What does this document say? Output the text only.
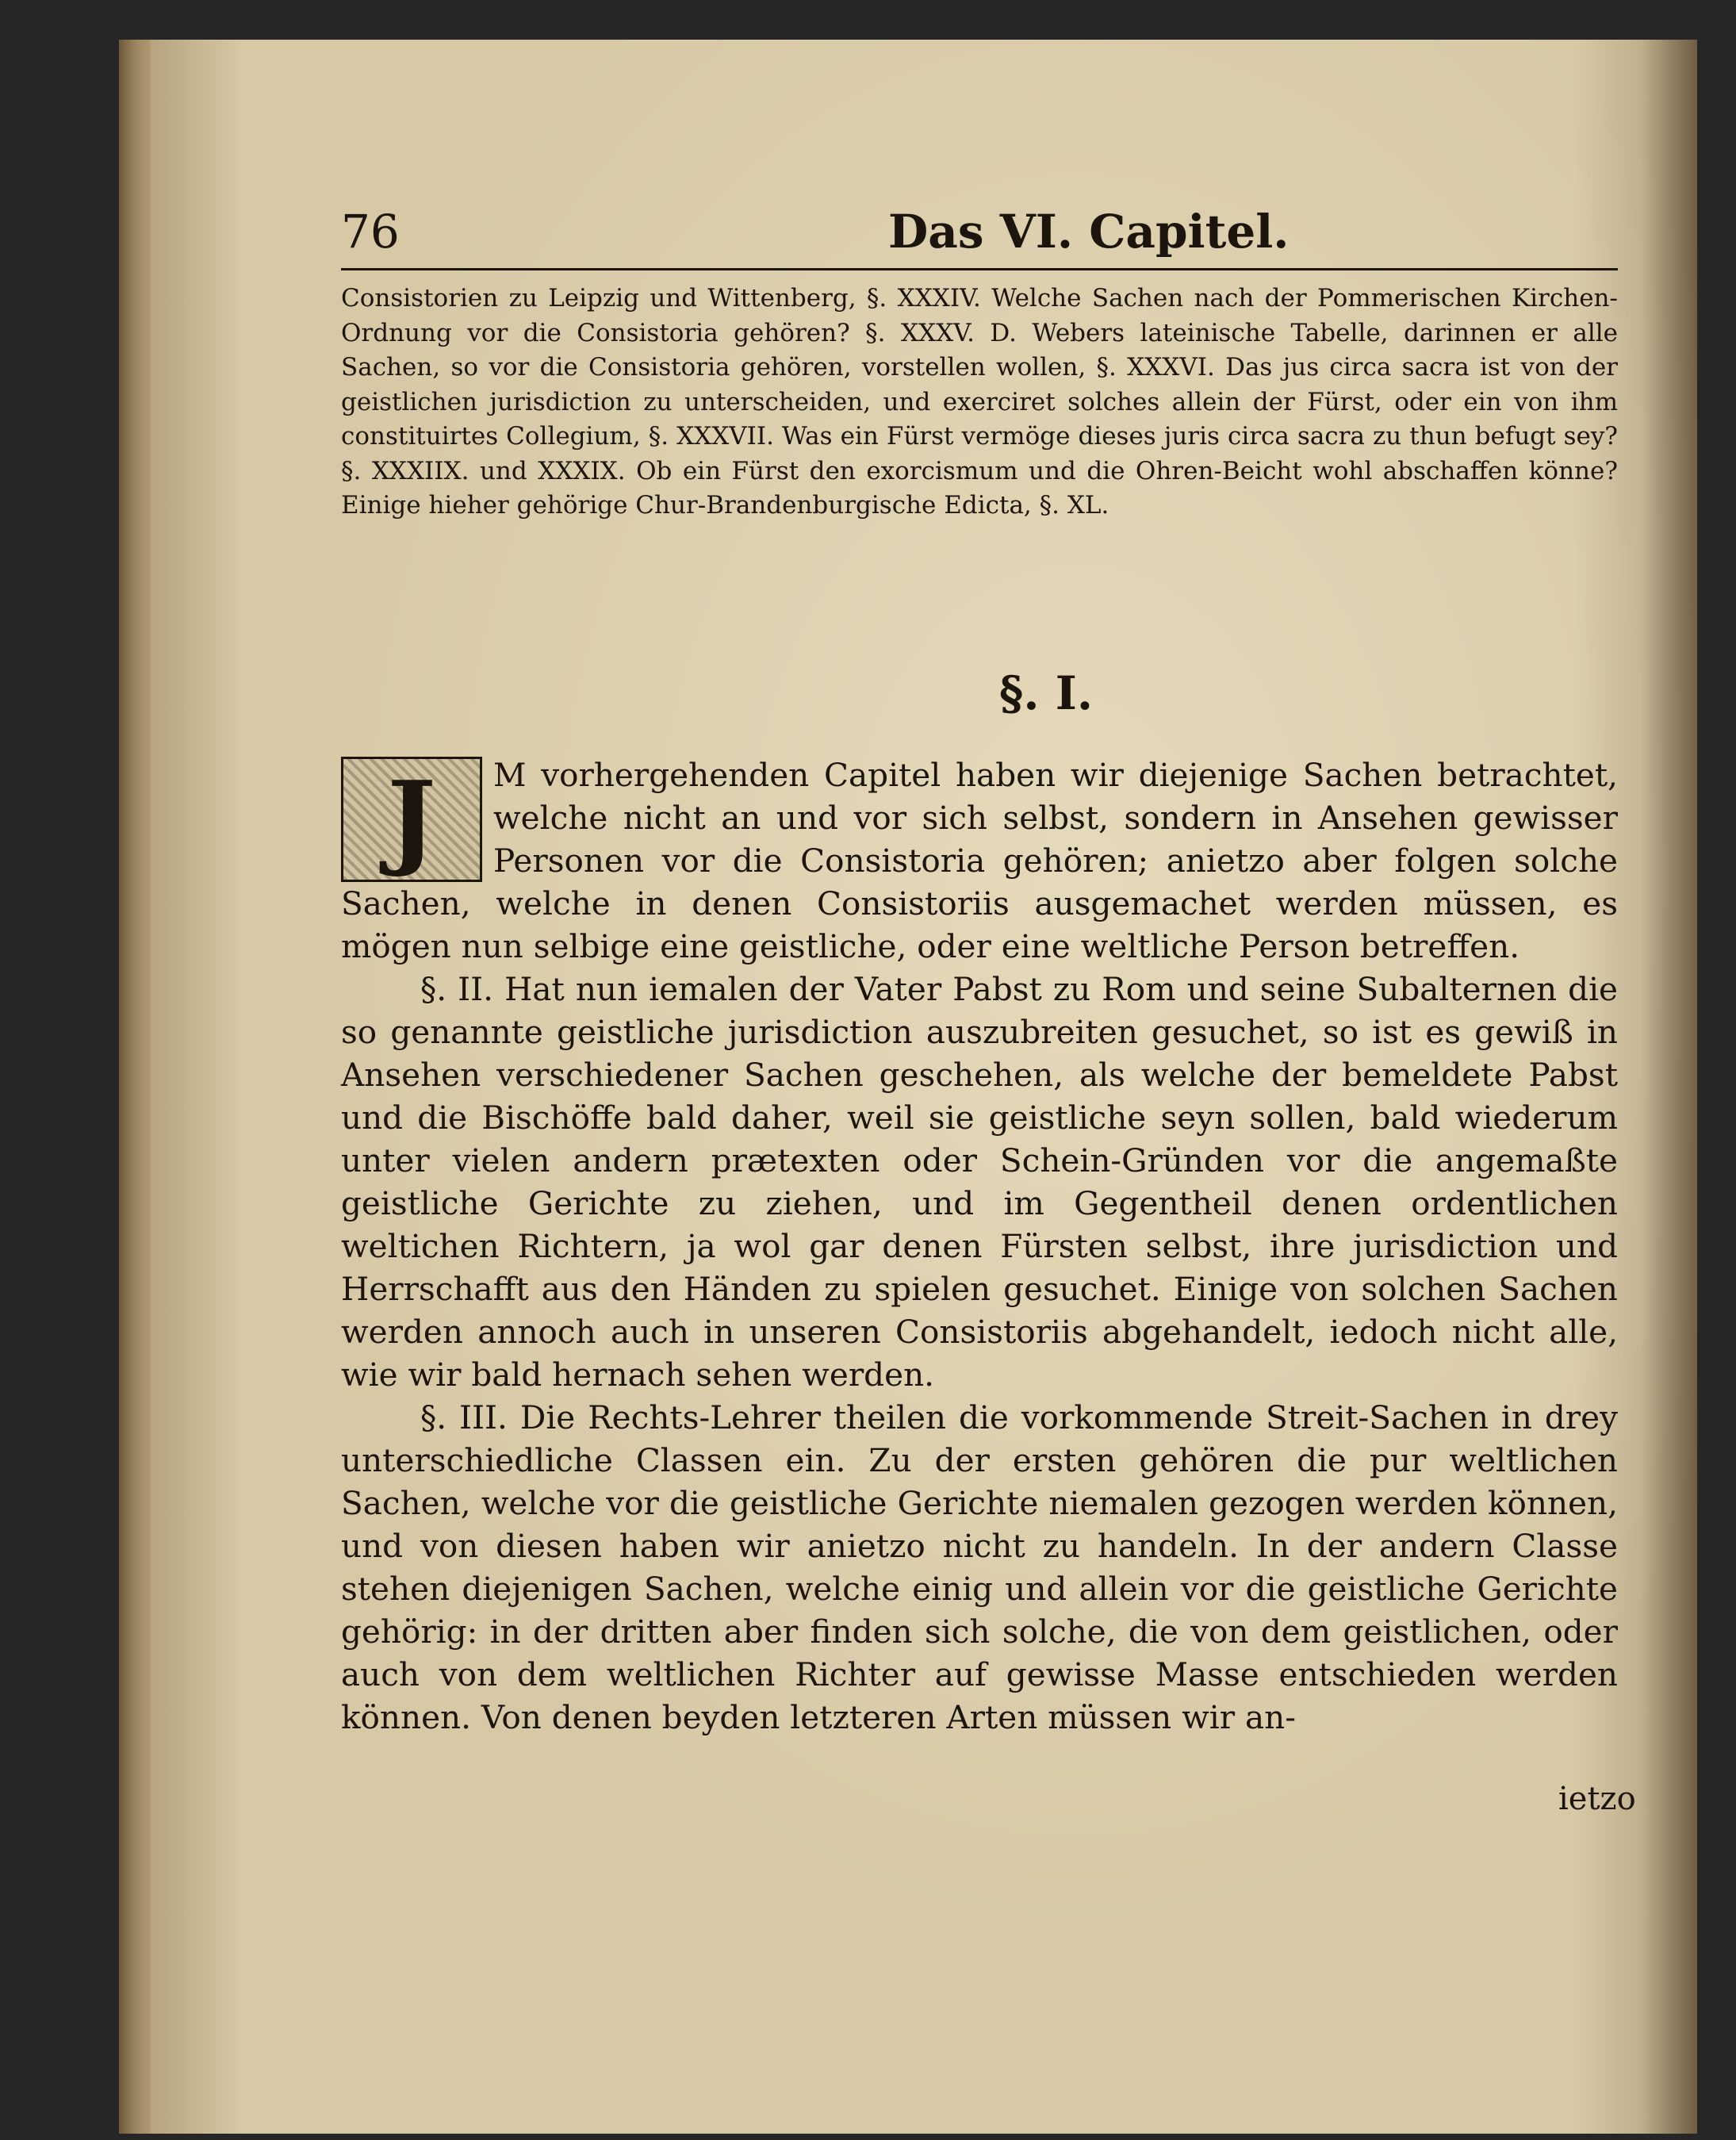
76	Das VI. Capitel.
Consistorien zu Leipzig und Wittenberg, §. XXXIV. Welche Sachen nach der Pommerischen Kirchen-Ordnung vor die Consistoria gehören? §. XXXV. D. Webers lateinische Tabelle, darinnen er alle Sachen, so vor die Consistoria gehören, vorstellen wollen, §. XXXVI. Das jus circa sacra ist von der geistlichen jurisdiction zu unterscheiden, und exerciret solches allein der Fürst, oder ein von ihm constituirtes Collegium, §. XXXVII. Was ein Fürst vermöge dieses juris circa sacra zu thun befugt sey? §. XXXIIX. und XXXIX. Ob ein Fürst den exorcismum und die Ohren-Beicht wohl abschaffen könne? Einige hieher gehörige Chur-Brandenburgische Edicta, §. XL.
§. I.

J	M vorhergehenden Capitel haben wir diejenige Sachen betrachtet, welche nicht an und vor sich selbst, sondern in Ansehen gewisser Personen vor die Consistoria gehören; anietzo aber folgen solche Sachen, welche in denen Consistoriis ausgemachet werden müssen, es mögen nun selbige eine geistliche, oder eine weltliche Person betreffen.

§. II. Hat nun iemalen der Vater Pabst zu Rom und seine Subalternen die so genannte geistliche jurisdiction auszubreiten gesuchet, so ist es gewiß in Ansehen verschiedener Sachen geschehen, als welche der bemeldete Pabst und die Bischöffe bald daher, weil sie geistliche seyn sollen, bald wiederum unter vielen andern prætexten oder Schein-Gründen vor die angemaßte geistliche Gerichte zu ziehen, und im Gegentheil denen ordentlichen weltichen Richtern, ja wol gar denen Fürsten selbst, ihre jurisdiction und Herrschafft aus den Händen zu spielen gesuchet. Einige von solchen Sachen werden annoch auch in unseren Consistoriis abgehandelt, iedoch nicht alle, wie wir bald hernach sehen werden.

§. III. Die Rechts-Lehrer theilen die vorkommende Streit-Sachen in drey unterschiedliche Classen ein. Zu der ersten gehören die pur weltlichen Sachen, welche vor die geistliche Gerichte niemalen gezogen werden können, und von diesen haben wir anietzo nicht zu handeln. In der andern Classe stehen diejenigen Sachen, welche einig und allein vor die geistliche Gerichte gehörig: in der dritten aber finden sich solche, die von dem geistlichen, oder auch von dem weltlichen Richter auf gewisse Masse entschieden werden können. Von denen beyden letzteren Arten müssen wir an-

ietzo
